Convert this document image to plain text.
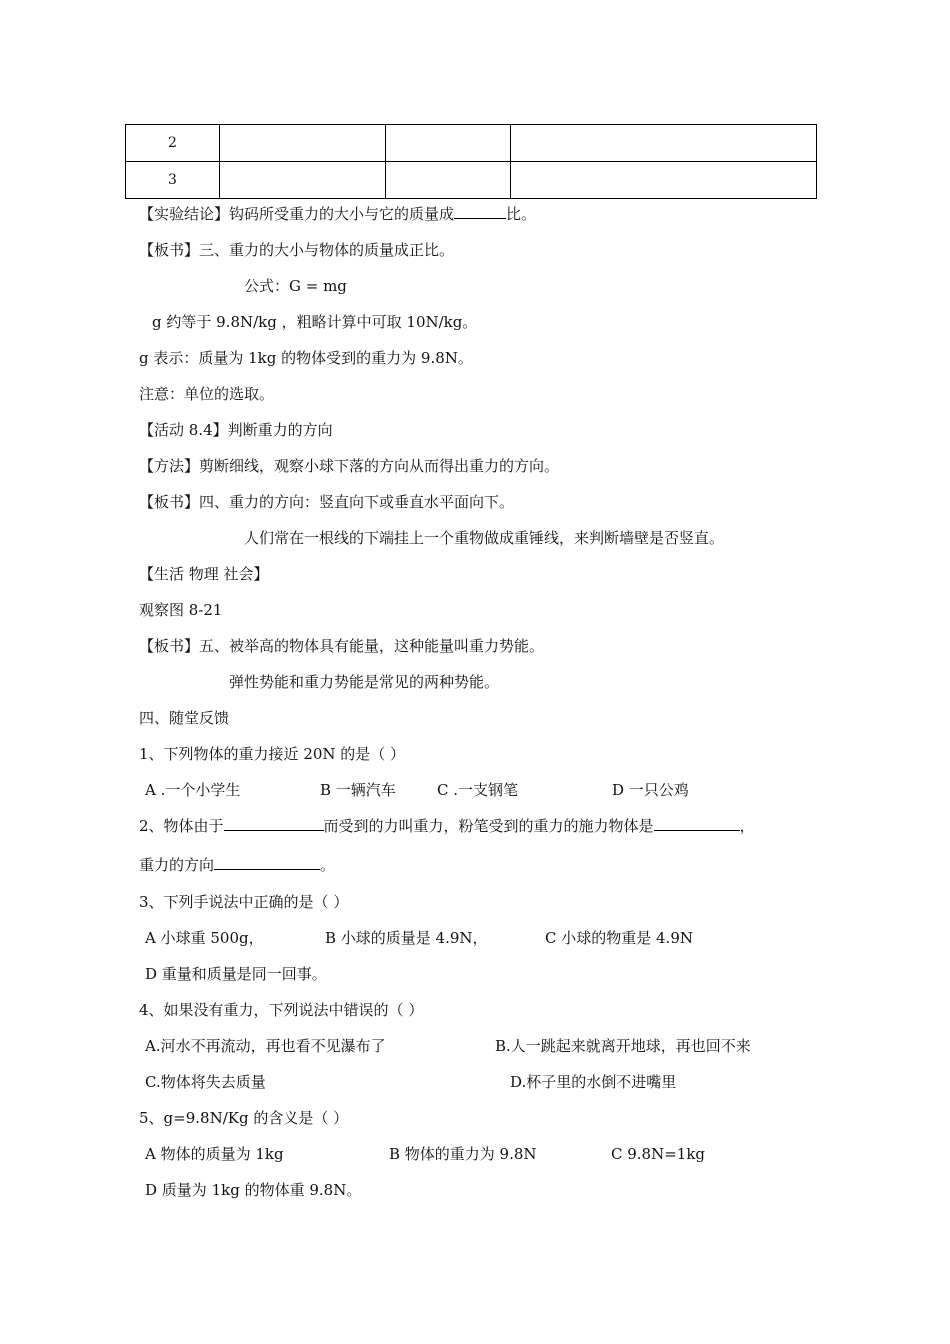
2			
3			
【实验结论】钩码所受重力的大小与它的质量成	比。
【板书】三、重力的大小与物体的质量成正比。
公式：G = mg
g 约等于 9.8N/kg ，粗略计算中可取 10N/kg。
g 表示：质量为 1kg 的物体受到的重力为 9.8N。
注意：单位的选取。
【活动 8.4】判断重力的方向
【方法】剪断细线，观察小球下落的方向从而得出重力的方向。
【板书】四、重力的方向：竖直向下或垂直水平面向下。
人们常在一根线的下端挂上一个重物做成重锤线，来判断墙壁是否竖直。
【生活 物理 社会】
观察图 8-21
【板书】五、被举高的物体具有能量，这种能量叫重力势能。
弹性势能和重力势能是常见的两种势能。
四、随堂反馈
1、下列物体的重力接近 20N 的是（ ）
A .一个小学生	B 一辆汽车	C .一支钢笔	D 一只公鸡
2、物体由于	而受到的力叫重力，粉笔受到的重力的施力物体是	，
重力的方向	。
3、下列手说法中正确的是（ ）
A 小球重 500g，	B 小球的质量是 4.9N，	C 小球的物重是 4.9N
D 重量和质量是同一回事。
4、如果没有重力，下列说法中错误的（ ）
A.河水不再流动，再也看不见瀑布了	B.人一跳起来就离开地球，再也回不来
C.物体将失去质量	D.杯子里的水倒不进嘴里
5、g=9.8N/Kg 的含义是（ ）
A 物体的质量为 1kg	B 物体的重力为 9.8N	C 9.8N=1kg
D 质量为 1kg 的物体重 9.8N。
